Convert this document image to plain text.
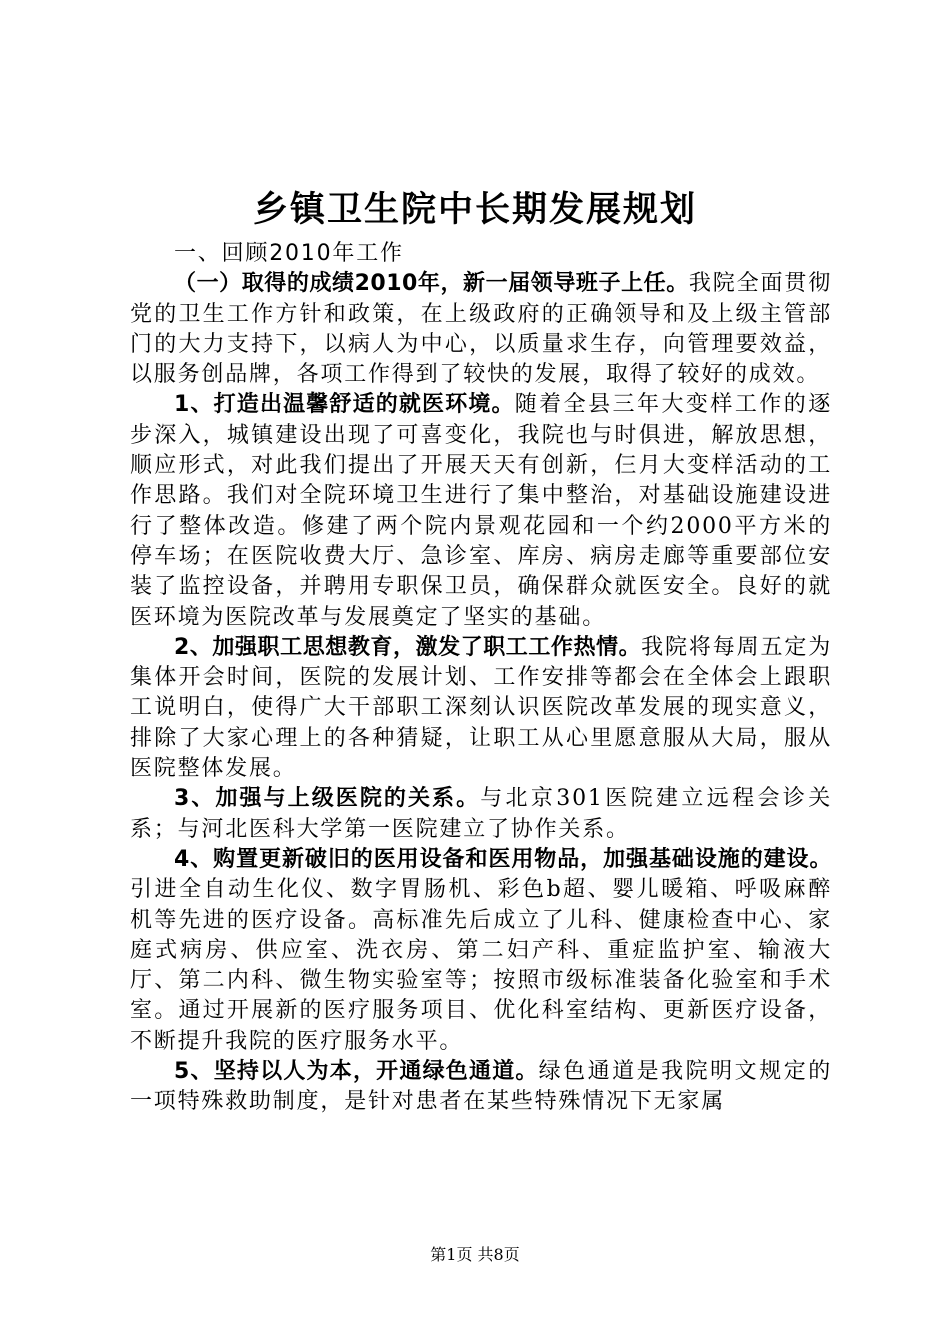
乡镇卫生院中长期发展规划

一、回顾2010年工作

（一）取得的成绩2010年，新一届领导班子上任。我院全面贯彻党的卫生工作方针和政策，在上级政府的正确领导和及上级主管部门的大力支持下，以病人为中心，以质量求生存，向管理要效益，以服务创品牌，各项工作得到了较快的发展，取得了较好的成效。

1、打造出温馨舒适的就医环境。随着全县三年大变样工作的逐步深入，城镇建设出现了可喜变化，我院也与时俱进，解放思想，顺应形式，对此我们提出了开展天天有创新，仨月大变样活动的工作思路。我们对全院环境卫生进行了集中整治，对基础设施建设进行了整体改造。修建了两个院内景观花园和一个约2000平方米的停车场；在医院收费大厅、急诊室、库房、病房走廊等重要部位安装了监控设备，并聘用专职保卫员，确保群众就医安全。良好的就医环境为医院改革与发展奠定了坚实的基础。

2、加强职工思想教育，激发了职工工作热情。我院将每周五定为集体开会时间，医院的发展计划、工作安排等都会在全体会上跟职工说明白，使得广大干部职工深刻认识医院改革发展的现实意义，排除了大家心理上的各种猜疑，让职工从心里愿意服从大局，服从医院整体发展。

3、加强与上级医院的关系。与北京301医院建立远程会诊关系；与河北医科大学第一医院建立了协作关系。

4、购置更新破旧的医用设备和医用物品，加强基础设施的建设。引进全自动生化仪、数字胃肠机、彩色b超、婴儿暖箱、呼吸麻醉机等先进的医疗设备。高标准先后成立了儿科、健康检查中心、家庭式病房、供应室、洗衣房、第二妇产科、重症监护室、输液大厅、第二内科、微生物实验室等；按照市级标准装备化验室和手术室。通过开展新的医疗服务项目、优化科室结构、更新医疗设备，不断提升我院的医疗服务水平。

5、坚持以人为本，开通绿色通道。绿色通道是我院明文规定的一项特殊救助制度，是针对患者在某些特殊情况下无家属

第1页 共8页
